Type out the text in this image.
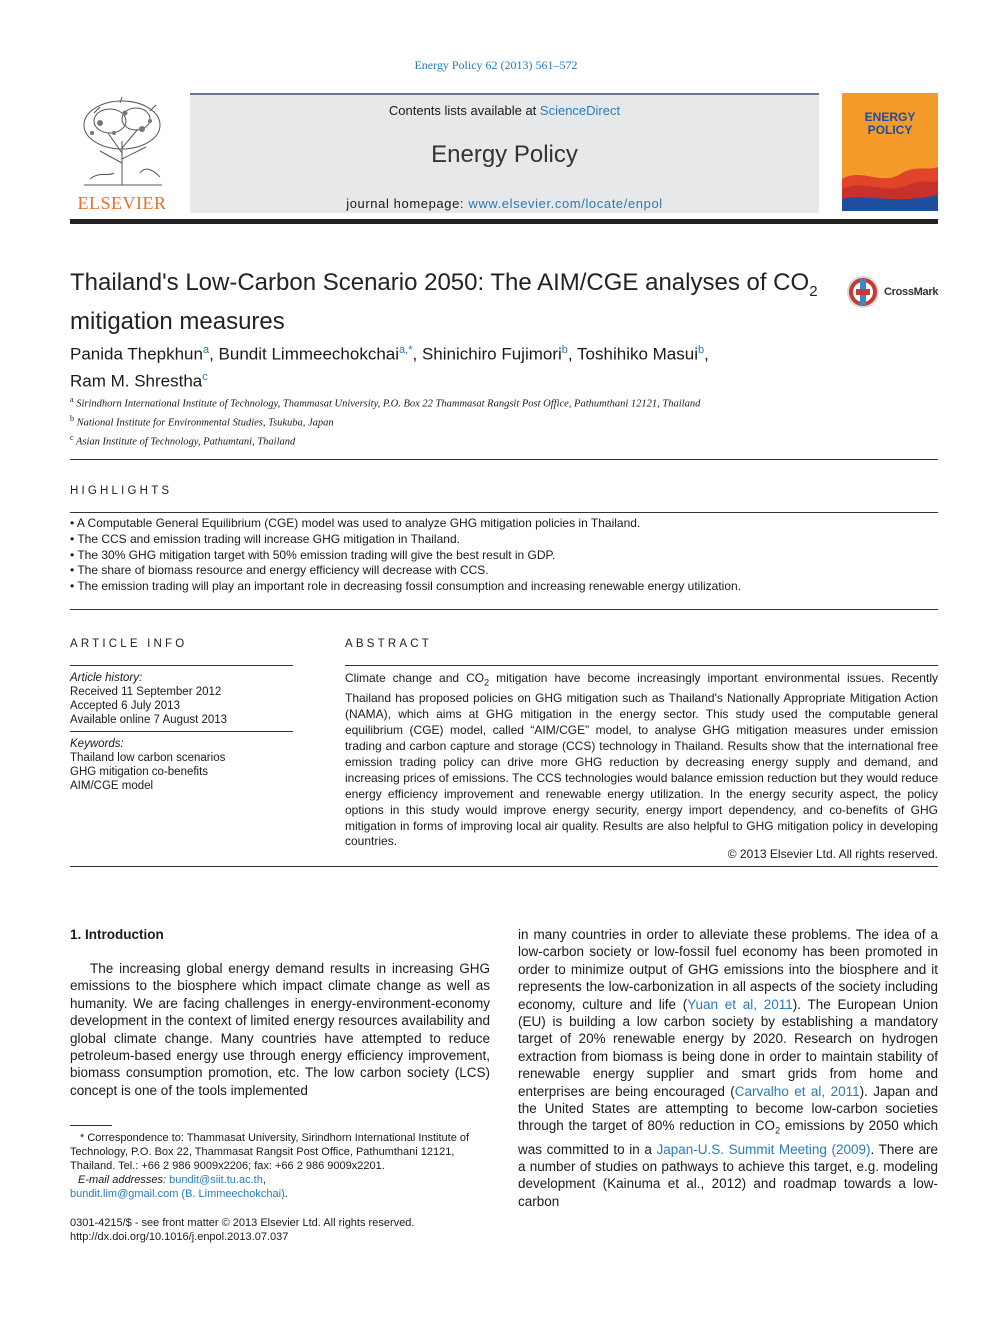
Energy Policy 62 (2013) 561–572
ELSEVIER
Contents lists available at ScienceDirect
Energy Policy
journal homepage: www.elsevier.com/locate/enpol
ENERGY
POLICY
Thailand's Low-Carbon Scenario 2050: The AIM/CGE analyses of $CO_2$
mitigation measures
CrossMark
Panida Thepkhun$^a$, Bundit Limmeechokchai$^{a,*}$, Shinichiro Fujimori$^b$, Toshihiko Masui$^b$,
Ram M. Shrestha$^c$
$^a$ Sirindhorn International Institute of Technology, Thammasat University, P.O. Box 22 Thammasat Rangsit Post Office, Pathumthani 12121, Thailand
$^b$ National Institute for Environmental Studies, Tsukuba, Japan
$^c$ Asian Institute of Technology, Pathumtani, Thailand
HIGHLIGHTS
• A Computable General Equilibrium (CGE) model was used to analyze GHG mitigation policies in Thailand.
• The CCS and emission trading will increase GHG mitigation in Thailand.
• The 30% GHG mitigation target with 50% emission trading will give the best result in GDP.
• The share of biomass resource and energy efficiency will decrease with CCS.
• The emission trading will play an important role in decreasing fossil consumption and increasing renewable energy utilization.
ARTICLE INFO
Article history:
Received 11 September 2012
Accepted 6 July 2013
Available online 7 August 2013
Keywords:
Thailand low carbon scenarios
GHG mitigation co-benefits
AIM/CGE model
ABSTRACT
Climate change and $CO_2$ mitigation have become increasingly important environmental issues. Recently Thailand has proposed policies on GHG mitigation such as Thailand's Nationally Appropriate Mitigation Action (NAMA), which aims at GHG mitigation in the energy sector. This study used the computable general equilibrium (CGE) model, called “AIM/CGE” model, to analyse GHG mitigation measures under emission trading and carbon capture and storage (CCS) technology in Thailand. Results show that the international free emission trading policy can drive more GHG reduction by decreasing energy supply and demand, and increasing prices of emissions. The CCS technologies would balance emission reduction but they would reduce energy efficiency improvement and renewable energy utilization. In the energy security aspect, the policy options in this study would improve energy security, energy import dependency, and co-benefits of GHG mitigation in forms of improving local air quality. Results are also helpful to GHG mitigation policy in developing countries.
© 2013 Elsevier Ltd. All rights reserved.
1. Introduction
The increasing global energy demand results in increasing GHG emissions to the biosphere which impact climate change as well as humanity. We are facing challenges in energy-environment-economy development in the context of limited energy resources availability and global climate change. Many countries have attempted to reduce petroleum-based energy use through energy efficiency improvement, biomass consumption promotion, etc. The low carbon society (LCS) concept is one of the tools implemented
in many countries in order to alleviate these problems. The idea of a low-carbon society or low-fossil fuel economy has been promoted in order to minimize output of GHG emissions into the biosphere and it represents the low-carbonization in all aspects of the society including economy, culture and life (Yuan et al, 2011). The European Union (EU) is building a low carbon society by establishing a mandatory target of 20% renewable energy by 2020. Research on hydrogen extraction from biomass is being done in order to maintain stability of renewable energy supplier and smart grids from home and enterprises are being encouraged (Carvalho et al, 2011). Japan and the United States are attempting to become low-carbon societies through the target of 80% reduction in $CO_2$ emissions by 2050 which was committed to in a Japan-U.S. Summit Meeting (2009). There are a number of studies on pathways to achieve this target, e.g. modeling development (Kainuma et al., 2012) and roadmap towards a low-carbon
* Correspondence to: Thammasat University, Sirindhorn International Institute of Technology, P.O. Box 22, Thammasat Rangsit Post Office, Pathumthani 12121, Thailand. Tel.: +66 2 986 9009x2206; fax: +66 2 986 9009x2201.
E-mail addresses: bundit@siit.tu.ac.th,
bundit.lim@gmail.com (B. Limmeechokchai).
0301-4215/$ - see front matter © 2013 Elsevier Ltd. All rights reserved.
http://dx.doi.org/10.1016/j.enpol.2013.07.037
